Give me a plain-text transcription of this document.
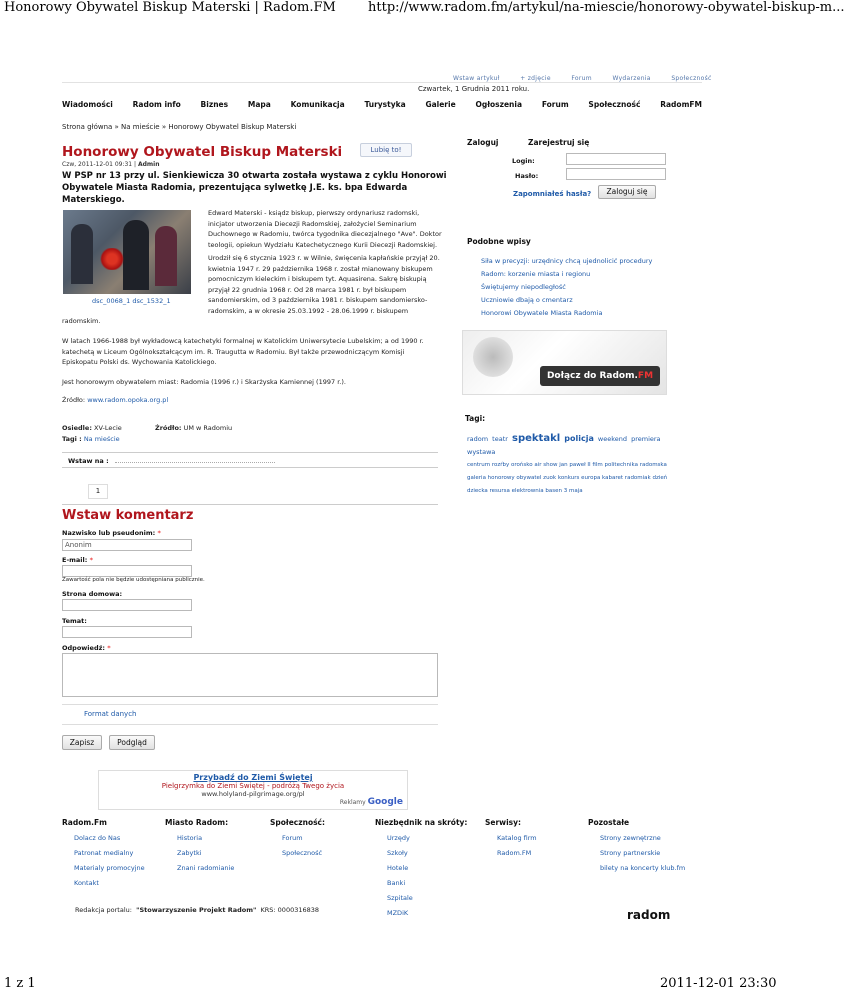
Honorowy Obywatel Biskup Materski | Radom.FM http://www.radom.fm/artykul/na-miescie/honorowy-obywatel-biskup-m...
Wstaw artykuł	+ zdjęcie	Forum	Wydarzenia	Społeczność
Czwartek, 1 Grudnia 2011 roku.
Wiadomości	Radom info	Biznes	Mapa	Komunikacja	Turystyka	Galerie	Ogłoszenia	Forum	Społeczność	RadomFM
Strona główna » Na mieście » Honorowy Obywatel Biskup Materski
Honorowy Obywatel Biskup Materski	Lubię to!
Czw, 2011-12-01 09:31 | Admin
W PSP nr 13 przy ul. Sienkiewicza 30 otwarta została wystawa z cyklu Honorowi Obywatele Miasta Radomia, prezentująca sylwetkę J.E. ks. bpa Edwarda Materskiego.
dsc_0068_1 dsc_1532_1
Edward Materski - ksiądz biskup, pierwszy ordynariusz radomski, inicjator utworzenia Diecezji Radomskiej, założyciel Seminarium Duchownego w Radomiu, twórca tygodnika diecezjalnego "Ave". Doktor teologii, opiekun Wydziału Katechetycznego Kurii Diecezji Radomskiej.
Urodził się 6 stycznia 1923 r. w Wilnie, święcenia kapłańskie przyjął 20. kwietnia 1947 r. 29 października 1968 r. został mianowany biskupem pomocniczym kieleckim i biskupem tyt. Aquasirena. Sakrę biskupią przyjął 22 grudnia 1968 r. Od 28 marca 1981 r. był biskupem sandomierskim, od 3 października 1981 r. biskupem sandomiersko-radomskim, a w okresie 25.03.1992 - 28.06.1999 r. biskupem
radomskim.
W latach 1966-1988 był wykładowcą katechetyki formalnej w Katolickim Uniwersytecie Lubelskim; a od 1990 r. katechetą w Liceum Ogólnokształcącym im. R. Traugutta w Radomiu. Był także przewodniczącym Komisji Episkopatu Polski ds. Wychowania Katolickiego.
Jest honorowym obywatelem miast: Radomia (1996 r.) i Skarżyska Kamiennej (1997 r.).
Źródło: www.radom.opoka.org.pl
Osiedle: XV-Lecie	Źródło: UM w Radomiu
Tagi : Na mieście
Wstaw na :
1
Wstaw komentarz
Nazwisko lub pseudonim: *
Anonim
E-mail: *
Zawartość pola nie będzie udostępniana publicznie.
Strona domowa:
Temat:
Odpowiedź: *
Format danych
Zapisz	Podgląd
Przybadź do Ziemi Świętej
Pielgrzymka do Ziemi Świętej - podróżą Twego życia
www.holyland-pilgrimage.org/pl
Reklamy Google
Zaloguj	Zarejestruj się
Login:
Hasło:
Zapomniałeś hasła?	Zaloguj się
Podobne wpisy
Siła w precyzji: urzędnicy chcą ujednolicić procedury
Radom: korzenie miasta i regionu
Świętujemy niepodległość
Uczniowie dbają o cmentarz
Honorowi Obywatele Miasta Radomia
Dołącz do Radom.FM
Tagi:
radom teatr spektakl policja weekend premiera wystawa
centrum rozŕby orońsko air show jan paweł II film politechnika radomska
galeria honorowy obywatel zuok konkurs europa kabaret radomiak dzień
dziecka resursa elektrownia basen 3 maja
Radom.Fm
Dolacz do Nas
Patronat medialny
Materialy promocyjne
Kontakt
Miasto Radom:
Historia
Zabytki
Znani radomianie
Społeczność:
Forum
Społeczność
Niezbędnik na skróty:
Urzędy
Szkoły
Hotele
Banki
Szpitale
MZDiK
Serwisy:
Katalog firm
Radom.FM
Pozostałe
Strony zewnętrzne
Strony partnerskie
bilety na koncerty klub.fm
Redakcja portalu: "Stowarzyszenie Projekt Radom" KRS: 0000316838	radom
1 z 1	2011-12-01 23:30
